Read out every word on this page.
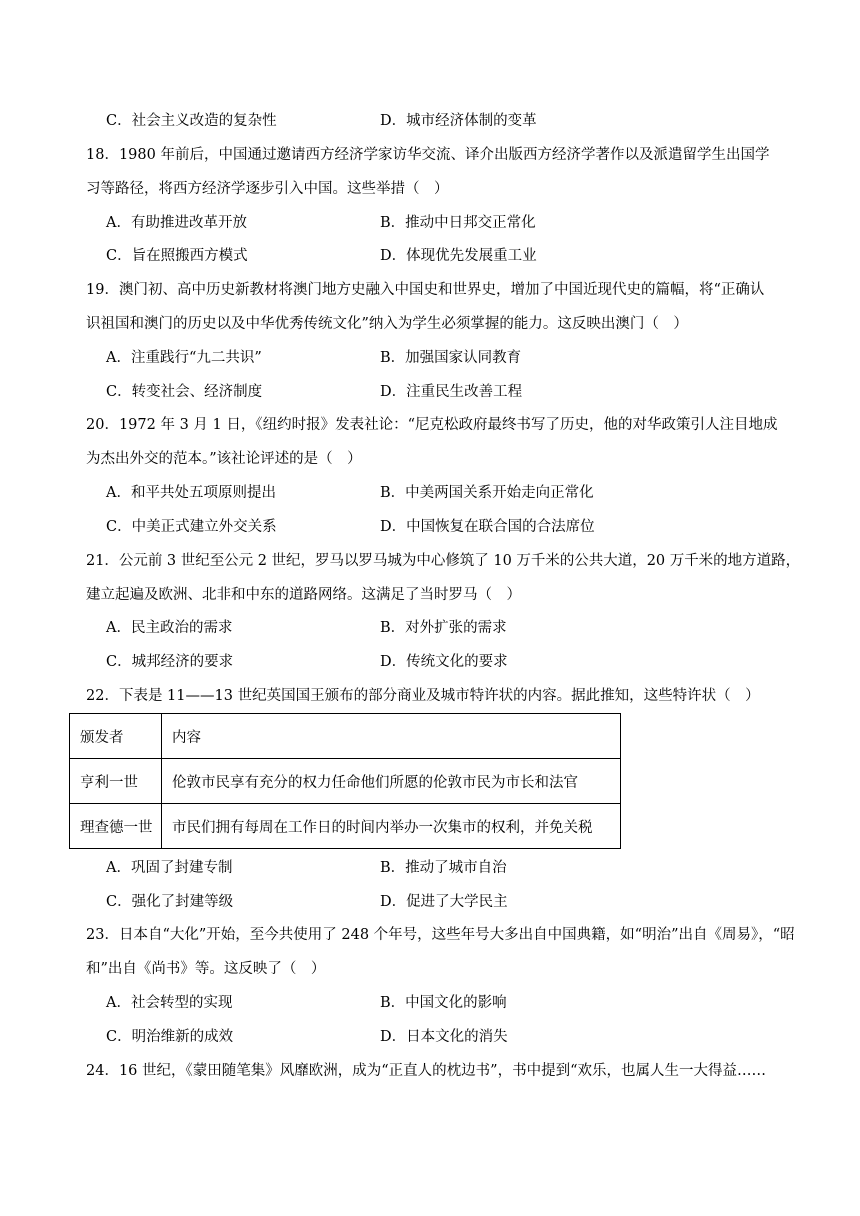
C．社会主义改造的复杂性	D．城市经济体制的变革
18．1980 年前后，中国通过邀请西方经济学家访华交流、译介出版西方经济学著作以及派遣留学生出国学
习等路径，将西方经济学逐步引入中国。这些举措（　）
A．有助推进改革开放	B．推动中日邦交正常化
C．旨在照搬西方模式	D．体现优先发展重工业
19．澳门初、高中历史新教材将澳门地方史融入中国史和世界史，增加了中国近现代史的篇幅，将“正确认
识祖国和澳门的历史以及中华优秀传统文化”纳入为学生必须掌握的能力。这反映出澳门（　）
A．注重践行“九二共识”	B．加强国家认同教育
C．转变社会、经济制度	D．注重民生改善工程
20．1972 年 3 月 1 日，《纽约时报》发表社论：“尼克松政府最终书写了历史，他的对华政策引人注目地成
为杰出外交的范本。”该社论评述的是（　）
A．和平共处五项原则提出	B．中美两国关系开始走向正常化
C．中美正式建立外交关系	D．中国恢复在联合国的合法席位
21．公元前 3 世纪至公元 2 世纪，罗马以罗马城为中心修筑了 10 万千米的公共大道，20 万千米的地方道路，
建立起遍及欧洲、北非和中东的道路网络。这满足了当时罗马（　）
A．民主政治的需求	B．对外扩张的需求
C．城邦经济的要求	D．传统文化的要求
22．下表是 11——13 世纪英国国王颁布的部分商业及城市特许状的内容。据此推知，这些特许状（　）
颁发者	内容
亨利一世	伦敦市民享有充分的权力任命他们所愿的伦敦市民为市长和法官
理查德一世	市民们拥有每周在工作日的时间内举办一次集市的权利，并免关税
A．巩固了封建专制	B．推动了城市自治
C．强化了封建等级	D．促进了大学民主
23．日本自“大化”开始，至今共使用了 248 个年号，这些年号大多出自中国典籍，如“明治”出自《周易》，“昭
和”出自《尚书》等。这反映了（　）
A．社会转型的实现	B．中国文化的影响
C．明治维新的成效	D．日本文化的消失
24．16 世纪，《蒙田随笔集》风靡欧洲，成为“正直人的枕边书”，书中提到“欢乐，也属人生一大得益……
